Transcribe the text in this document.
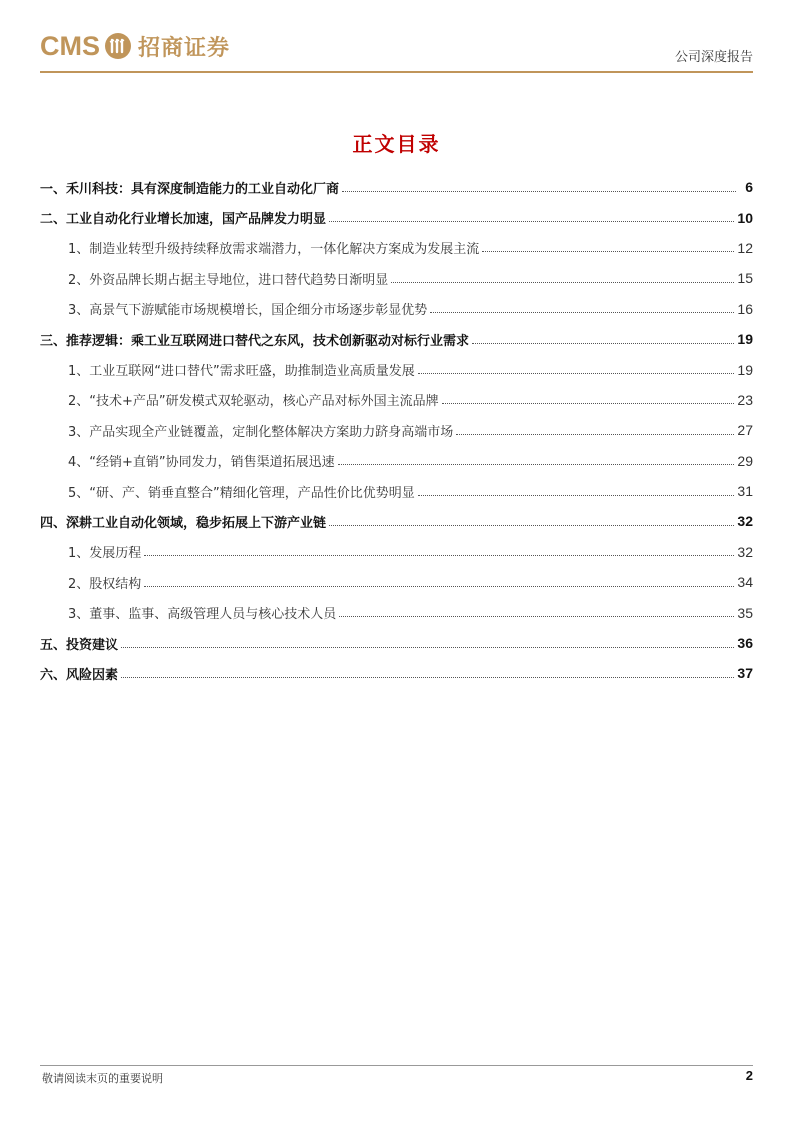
CMS 招商证券	公司深度报告
正文目录
一、禾川科技：具有深度制造能力的工业自动化厂商	6
二、工业自动化行业增长加速，国产品牌发力明显	10
1、制造业转型升级持续释放需求端潜力，一体化解决方案成为发展主流	12
2、外资品牌长期占据主导地位，进口替代趋势日渐明显	15
3、高景气下游赋能市场规模增长，国企细分市场逐步彰显优势	16
三、推荐逻辑：乘工业互联网进口替代之东风，技术创新驱动对标行业需求	19
1、工业互联网“进口替代”需求旺盛，助推制造业高质量发展	19
2、“技术+产品”研发模式双轮驱动，核心产品对标外国主流品牌	23
3、产品实现全产业链覆盖，定制化整体解决方案助力跻身高端市场	27
4、“经销+直销”协同发力，销售渠道拓展迅速	29
5、“研、产、销垂直整合”精细化管理，产品性价比优势明显	31
四、深耕工业自动化领域，稳步拓展上下游产业链	32
1、发展历程	32
2、股权结构	34
3、董事、监事、高级管理人员与核心技术人员	35
五、投资建议	36
六、风险因素	37
敬请阅读末页的重要说明	2
